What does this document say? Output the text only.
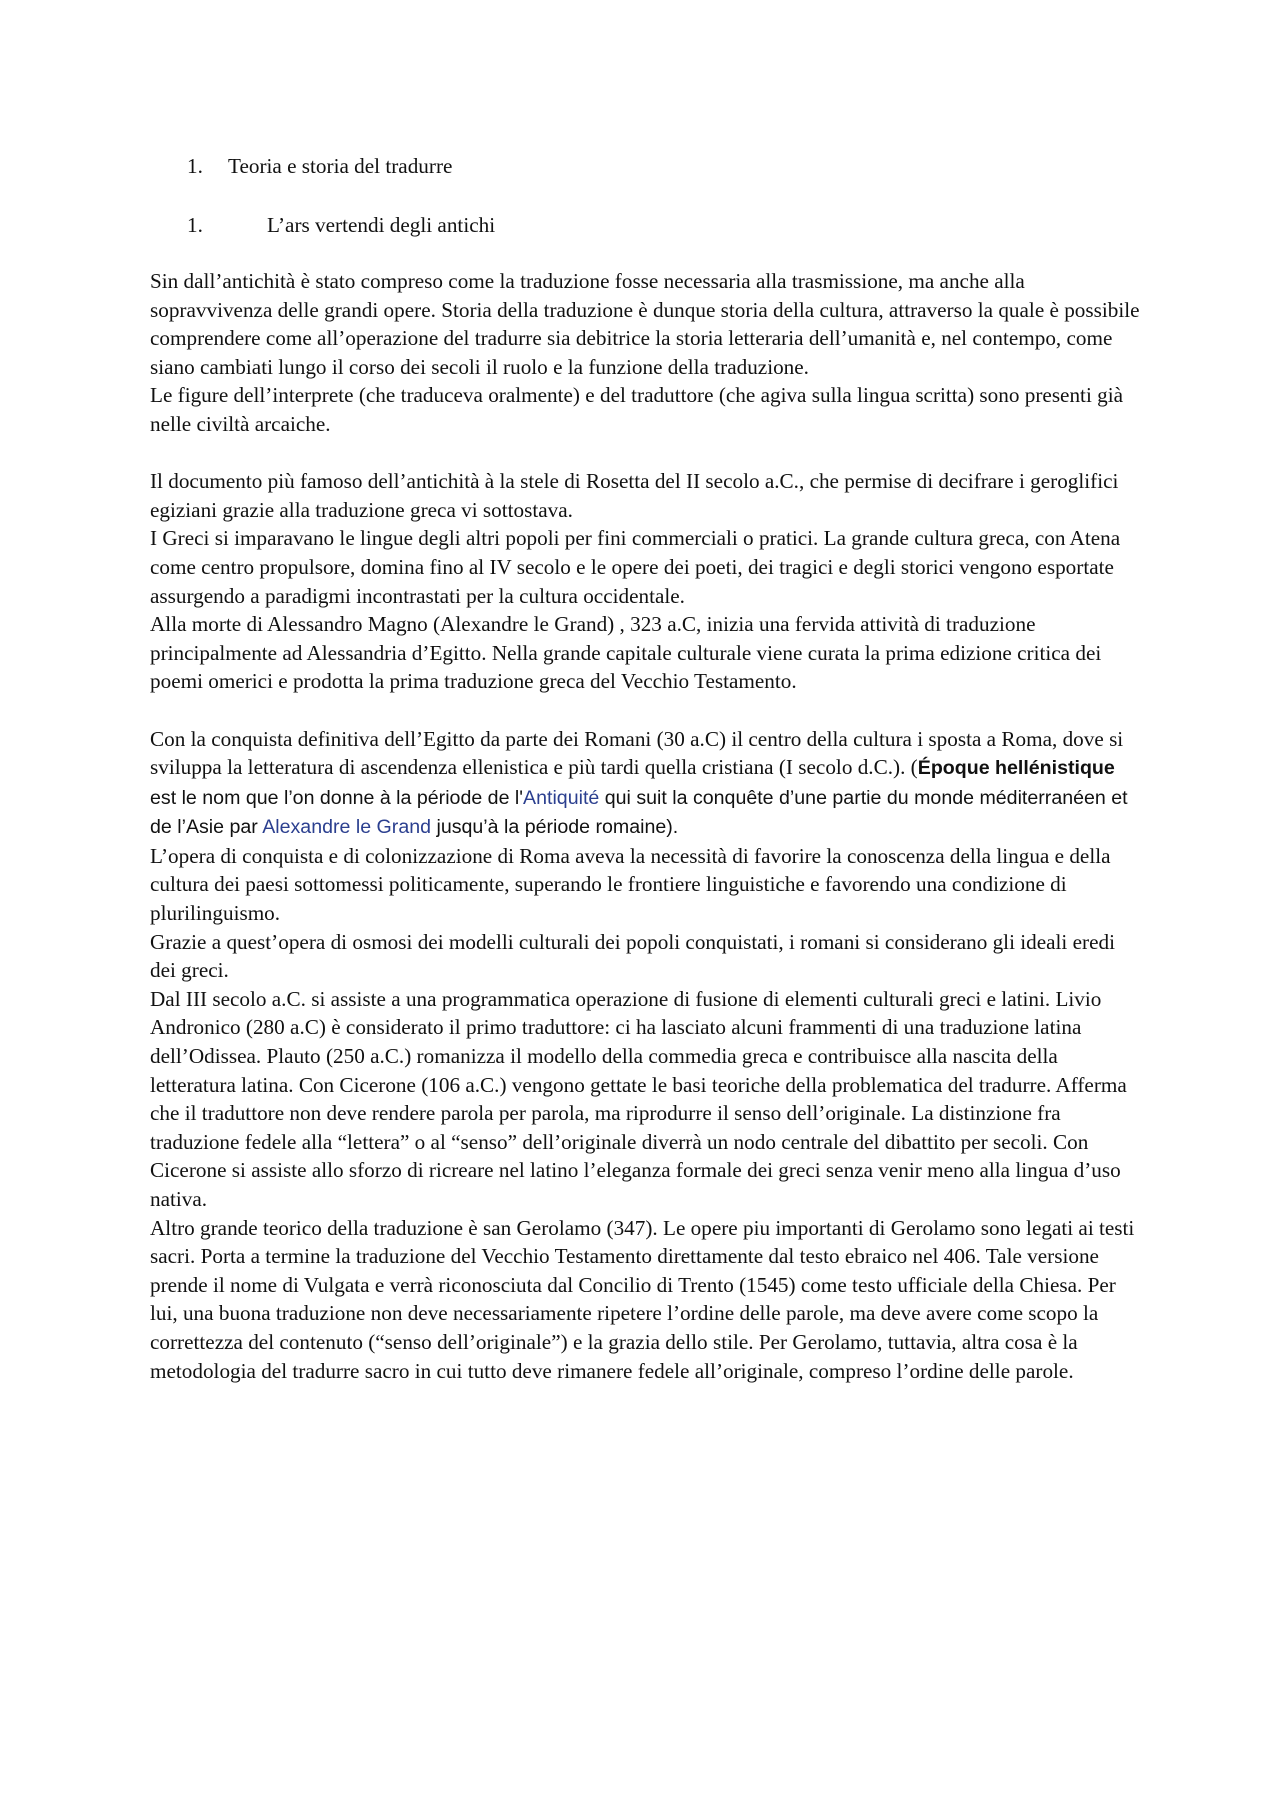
1. Teoria e storia del tradurre
1.	L’ars vertendi degli antichi

Sin dall’antichità è stato compreso come la traduzione fosse necessaria alla trasmissione, ma anche alla sopravvivenza delle grandi opere. Storia della traduzione è dunque storia della cultura, attraverso la quale è possibile comprendere come all’operazione del tradurre sia debitrice la storia letteraria dell’umanità e, nel contempo, come siano cambiati lungo il corso dei secoli il ruolo e la funzione della traduzione.

Le figure dell’interprete (che traduceva oralmente) e del traduttore (che agiva sulla lingua scritta) sono presenti già nelle civiltà arcaiche.

Il documento più famoso dell’antichità à la stele di Rosetta del II secolo a.C., che permise di decifrare i geroglifici egiziani grazie alla traduzione greca vi sottostava.

I Greci si imparavano le lingue degli altri popoli per fini commerciali o pratici. La grande cultura greca, con Atena come centro propulsore, domina fino al IV secolo e le opere dei poeti, dei tragici e degli storici vengono esportate assurgendo a paradigmi incontrastati per la cultura occidentale.

Alla morte di Alessandro Magno (Alexandre le Grand) , 323 a.C, inizia una fervida attività di traduzione principalmente ad Alessandria d’Egitto. Nella grande capitale culturale viene curata la prima edizione critica dei poemi omerici e prodotta la prima traduzione greca del Vecchio Testamento.

Con la conquista definitiva dell’Egitto da parte dei Romani (30 a.C) il centro della cultura i sposta a Roma, dove si sviluppa la letteratura di ascendenza ellenistica e più tardi quella cristiana (I secolo d.C.). (Époque hellénistique est le nom que l’on donne à la période de l'Antiquité qui suit la conquête d’une partie du monde méditerranéen et de l’Asie par Alexandre le Grand jusqu’à la période romaine).

L’opera di conquista e di colonizzazione di Roma aveva la necessità di favorire la conoscenza della lingua e della cultura dei paesi sottomessi politicamente, superando le frontiere linguistiche e favorendo una condizione di plurilinguismo.

Grazie a quest’opera di osmosi dei modelli culturali dei popoli conquistati, i romani si considerano gli ideali eredi dei greci.

Dal III secolo a.C. si assiste a una programmatica operazione di fusione di elementi culturali greci e latini. Livio Andronico (280 a.C) è considerato il primo traduttore: ci ha lasciato alcuni frammenti di una traduzione latina dell’Odissea. Plauto (250 a.C.) romanizza il modello della commedia greca e contribuisce alla nascita della letteratura latina. Con Cicerone (106 a.C.) vengono gettate le basi teoriche della problematica del tradurre. Afferma che il traduttore non deve rendere parola per parola, ma riprodurre il senso dell’originale. La distinzione fra traduzione fedele alla “lettera” o al “senso” dell’originale diverrà un nodo centrale del dibattito per secoli. Con Cicerone si assiste allo sforzo di ricreare nel latino l’eleganza formale dei greci senza venir meno alla lingua d’uso nativa.

Altro grande teorico della traduzione è san Gerolamo (347). Le opere piu importanti di Gerolamo sono legati ai testi sacri. Porta a termine la traduzione del Vecchio Testamento direttamente dal testo ebraico nel 406. Tale versione prende il nome di Vulgata e verrà riconosciuta dal Concilio di Trento (1545) come testo ufficiale della Chiesa. Per lui, una buona traduzione non deve necessariamente ripetere l’ordine delle parole, ma deve avere come scopo la correttezza del contenuto (“senso dell’originale”) e la grazia dello stile. Per Gerolamo, tuttavia, altra cosa è la metodologia del tradurre sacro in cui tutto deve rimanere fedele all’originale, compreso l’ordine delle parole.
